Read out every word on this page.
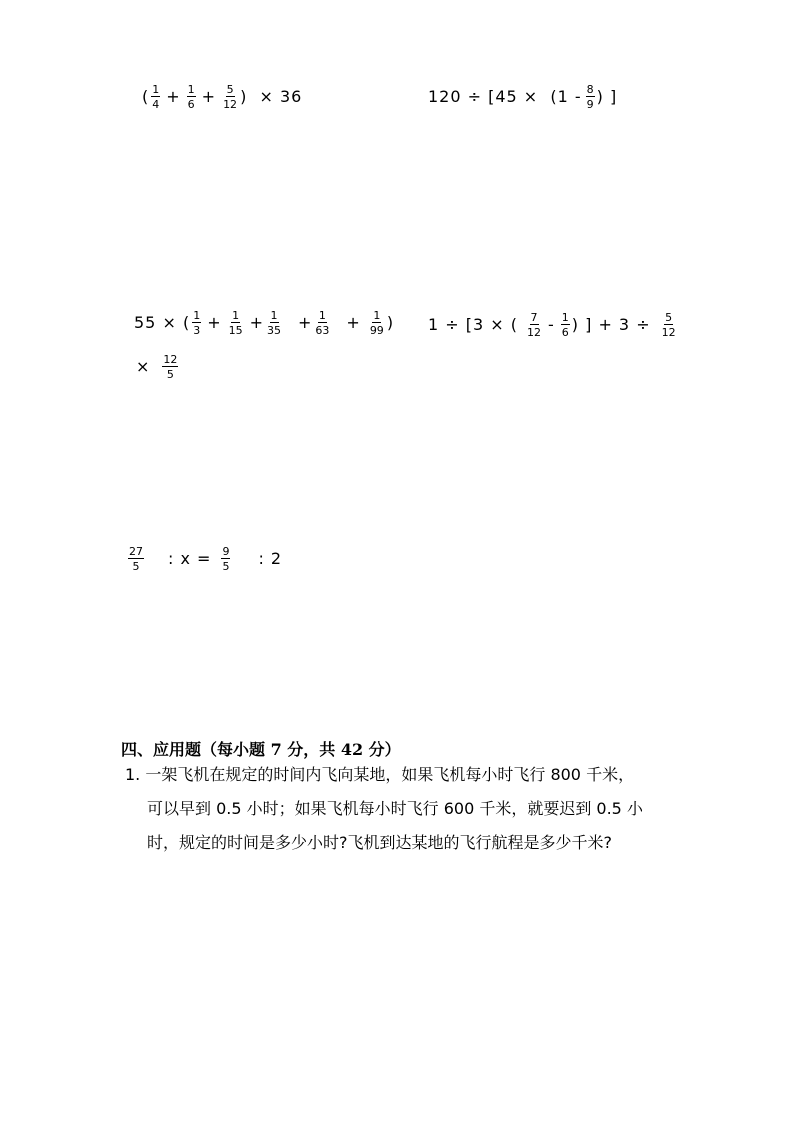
( $\frac{1}{4} + \frac{1}{6} + \frac{5}{12}$ )  × 36	$120 \div [45 \times (1 - \frac{8}{9}$ ) ]
55 × ( $\frac{1}{3} + \frac{1}{15} + \frac{1}{35} + \frac{1}{63} + \frac{1}{99}$ )
× $\frac{12}{5}$
1 ÷ [3 × ( $\frac{7}{12} - \frac{1}{6}$ ) ] + $3 \div \frac{5}{12}$
$\frac{27}{5}$ : $x = \frac{9}{5}$ : 2
四、应用题（每小题 7 分，共 42 分）
1. 一架飞机在规定的时间内飞向某地，如果飞机每小时飞行 800 千米，
可以早到 0.5 小时；如果飞机每小时飞行 600 千米，就要迟到 0.5 小
时，规定的时间是多少小时?飞机到达某地的飞行航程是多少千米?
